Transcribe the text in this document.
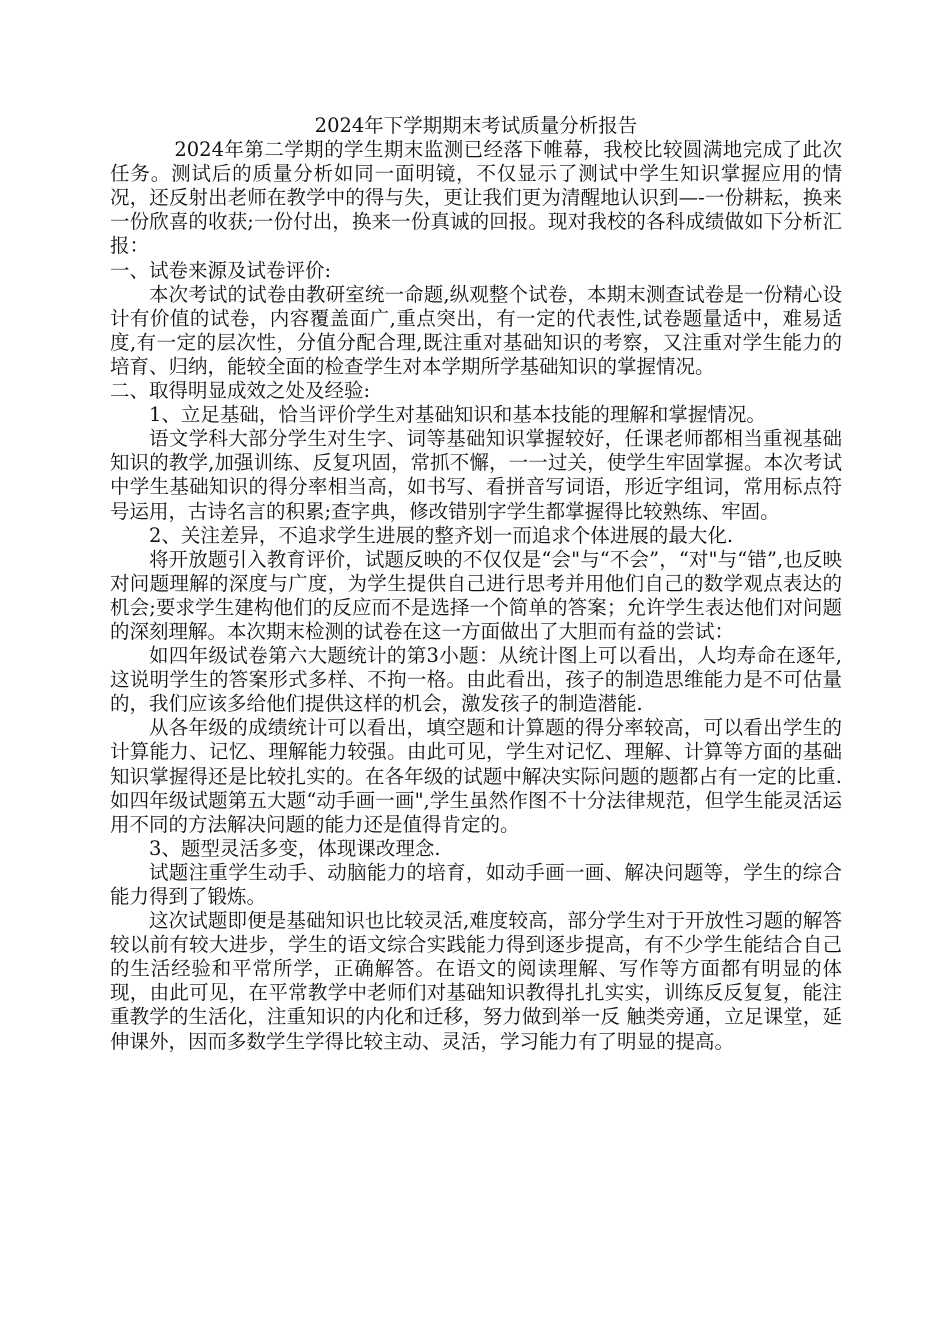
2024年下学期期末考试质量分析报告

2024年第二学期的学生期末监测已经落下帷幕，我校比较圆满地完成了此次任务。测试后的质量分析如同一面明镜，不仅显示了测试中学生知识掌握应用的情况，还反射出老师在教学中的得与失，更让我们更为清醒地认识到—-一份耕耘，换来一份欣喜的收获;一份付出，换来一份真诚的回报。现对我校的各科成绩做如下分析汇报：

一、试卷来源及试卷评价:

本次考试的试卷由教研室统一命题,纵观整个试卷，本期末测查试卷是一份精心设计有价值的试卷，内容覆盖面广,重点突出，有一定的代表性,试卷题量适中，难易适度,有一定的层次性，分值分配合理,既注重对基础知识的考察，又注重对学生能力的培育、归纳，能较全面的检查学生对本学期所学基础知识的掌握情况。

二、取得明显成效之处及经验:

1、立足基础，恰当评价学生对基础知识和基本技能的理解和掌握情况。

语文学科大部分学生对生字、词等基础知识掌握较好，任课老师都相当重视基础知识的教学,加强训练、反复巩固，常抓不懈，一一过关，使学生牢固掌握。本次考试中学生基础知识的得分率相当高，如书写、看拼音写词语，形近字组词，常用标点符号运用，古诗名言的积累;查字典，修改错别字学生都掌握得比较熟练、牢固。

2、关注差异，不追求学生进展的整齐划一而追求个体进展的最大化.

将开放题引入教育评价，试题反映的不仅仅是“会"与“不会”，“对"与“错”,也反映对问题理解的深度与广度，为学生提供自己进行思考并用他们自己的数学观点表达的机会;要求学生建构他们的反应而不是选择一个简单的答案；允许学生表达他们对问题的深刻理解。本次期末检测的试卷在这一方面做出了大胆而有益的尝试：

如四年级试卷第六大题统计的第3小题：从统计图上可以看出，人均寿命在逐年,这说明学生的答案形式多样、不拘一格。由此看出，孩子的制造思维能力是不可估量的，我们应该多给他们提供这样的机会，激发孩子的制造潜能.

从各年级的成绩统计可以看出，填空题和计算题的得分率较高，可以看出学生的计算能力、记忆、理解能力较强。由此可见，学生对记忆、理解、计算等方面的基础知识掌握得还是比较扎实的。在各年级的试题中解决实际问题的题都占有一定的比重.如四年级试题第五大题“动手画一画",学生虽然作图不十分法律规范，但学生能灵活运用不同的方法解决问题的能力还是值得肯定的。

3、题型灵活多变，体现课改理念.

试题注重学生动手、动脑能力的培育，如动手画一画、解决问题等，学生的综合能力得到了锻炼。

这次试题即便是基础知识也比较灵活,难度较高，部分学生对于开放性习题的解答较以前有较大进步，学生的语文综合实践能力得到逐步提高，有不少学生能结合自己的生活经验和平常所学，正确解答。在语文的阅读理解、写作等方面都有明显的体现，由此可见，在平常教学中老师们对基础知识教得扎扎实实，训练反反复复，能注重教学的生活化，注重知识的内化和迁移，努力做到举一反 触类旁通，立足课堂，延伸课外，因而多数学生学得比较主动、灵活，学习能力有了明显的提高。
